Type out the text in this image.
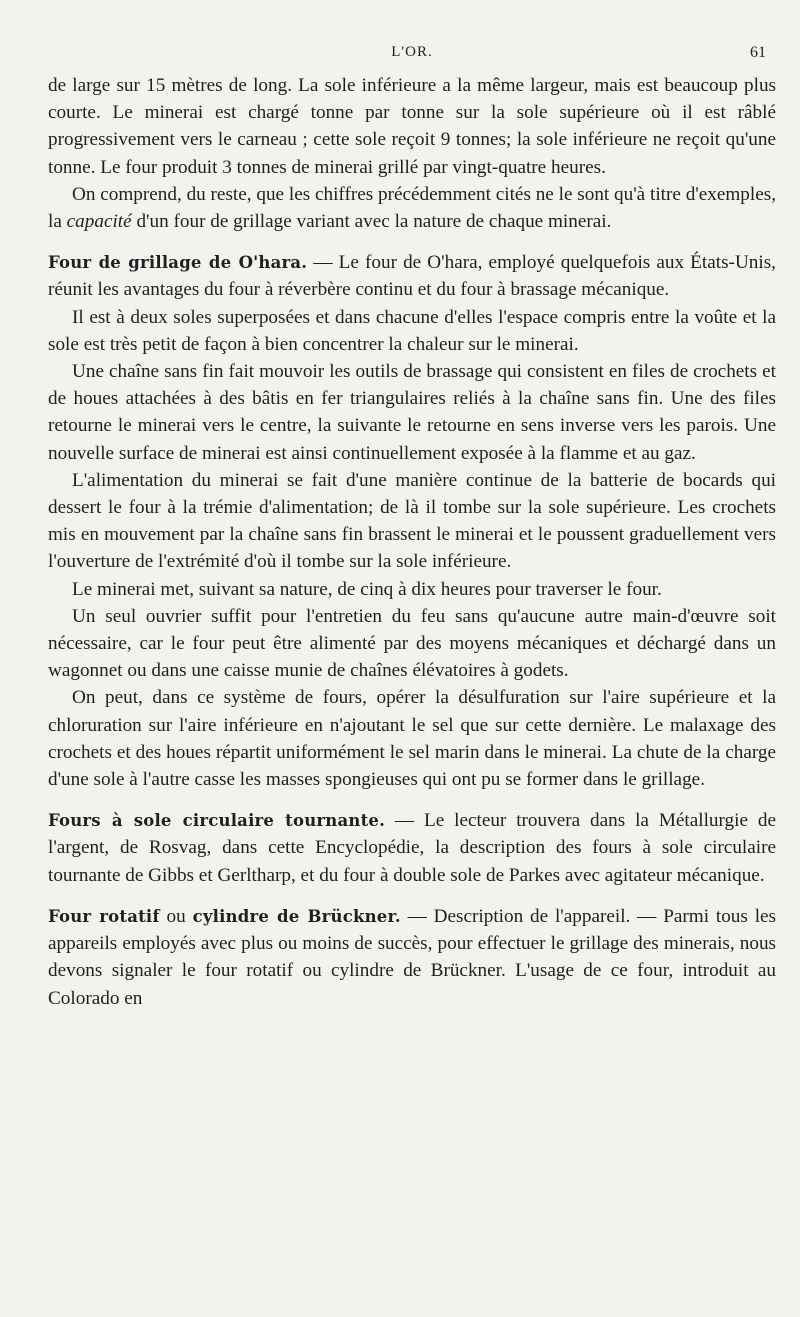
L'OR.	61

de large sur 15 mètres de long. La sole inférieure a la même largeur, mais est beaucoup plus courte. Le minerai est chargé tonne par tonne sur la sole supérieure où il est râblé progressivement vers le carneau ; cette sole reçoit 9 tonnes; la sole inférieure ne reçoit qu'une tonne. Le four produit 3 tonnes de minerai grillé par vingt-quatre heures.

On comprend, du reste, que les chiffres précédemment cités ne le sont qu'à titre d'exemples, la capacité d'un four de grillage variant avec la nature de chaque minerai.

Four de grillage de O'hara. — Le four de O'hara, employé quelquefois aux États-Unis, réunit les avantages du four à réverbère continu et du four à brassage mécanique.

Il est à deux soles superposées et dans chacune d'elles l'espace compris entre la voûte et la sole est très petit de façon à bien concentrer la chaleur sur le minerai.

Une chaîne sans fin fait mouvoir les outils de brassage qui consistent en files de crochets et de houes attachées à des bâtis en fer triangulaires reliés à la chaîne sans fin. Une des files retourne le minerai vers le centre, la suivante le retourne en sens inverse vers les parois. Une nouvelle surface de minerai est ainsi continuellement exposée à la flamme et au gaz.

L'alimentation du minerai se fait d'une manière continue de la batterie de bocards qui dessert le four à la trémie d'alimentation; de là il tombe sur la sole supérieure. Les crochets mis en mouvement par la chaîne sans fin brassent le minerai et le poussent graduellement vers l'ouverture de l'extrémité d'où il tombe sur la sole inférieure.

Le minerai met, suivant sa nature, de cinq à dix heures pour traverser le four.

Un seul ouvrier suffit pour l'entretien du feu sans qu'aucune autre main-d'œuvre soit nécessaire, car le four peut être alimenté par des moyens mécaniques et déchargé dans un wagonnet ou dans une caisse munie de chaînes élévatoires à godets.

On peut, dans ce système de fours, opérer la désulfuration sur l'aire supérieure et la chloruration sur l'aire inférieure en n'ajoutant le sel que sur cette dernière. Le malaxage des crochets et des houes répartit uniformément le sel marin dans le minerai. La chute de la charge d'une sole à l'autre casse les masses spongieuses qui ont pu se former dans le grillage.

Fours à sole circulaire tournante. — Le lecteur trouvera dans la Métallurgie de l'argent, de Rosvag, dans cette Encyclopédie, la description des fours à sole circulaire tournante de Gibbs et Gerltharp, et du four à double sole de Parkes avec agitateur mécanique.

Four rotatif ou cylindre de Brückner. — Description de l'appareil. — Parmi tous les appareils employés avec plus ou moins de succès, pour effectuer le grillage des minerais, nous devons signaler le four rotatif ou cylindre de Brückner. L'usage de ce four, introduit au Colorado en
